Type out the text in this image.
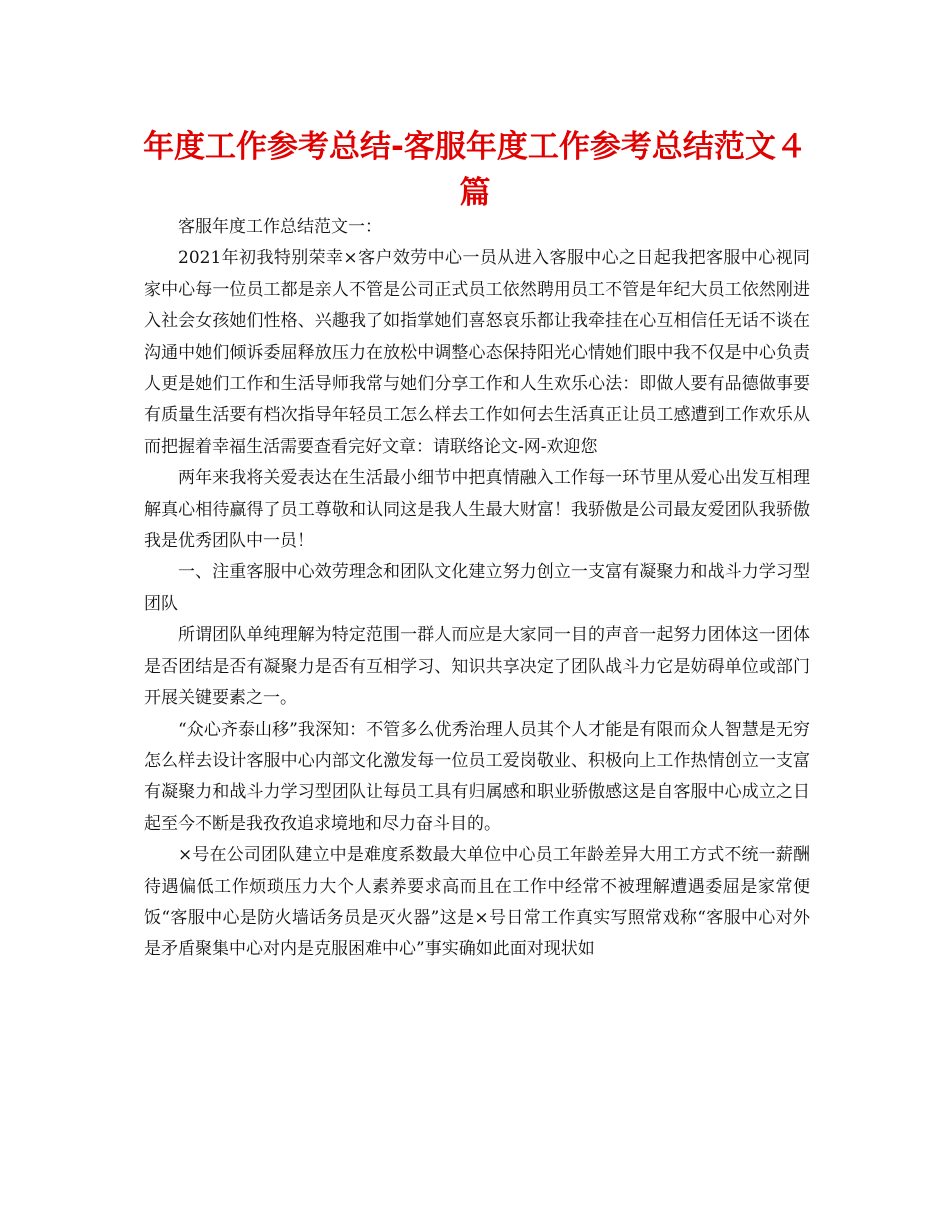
年度工作参考总结-客服年度工作参考总结范文４篇

客服年度工作总结范文一：

2021年初我特别荣幸×客户效劳中心一员从进入客服中心之日起我把客服中心视同家中心每一位员工都是亲人不管是公司正式员工依然聘用员工不管是年纪大员工依然刚进入社会女孩她们性格、兴趣我了如指掌她们喜怒哀乐都让我牵挂在心互相信任无话不谈在沟通中她们倾诉委屈释放压力在放松中调整心态保持阳光心情她们眼中我不仅是中心负责人更是她们工作和生活导师我常与她们分享工作和人生欢乐心法：即做人要有品德做事要有质量生活要有档次指导年轻员工怎么样去工作如何去生活真正让员工感遭到工作欢乐从而把握着幸福生活需要查看完好文章：请联络论文-网-欢迎您

两年来我将关爱表达在生活最小细节中把真情融入工作每一环节里从爱心出发互相理解真心相待赢得了员工尊敬和认同这是我人生最大财富！我骄傲是公司最友爱团队我骄傲我是优秀团队中一员！

一、注重客服中心效劳理念和团队文化建立努力创立一支富有凝聚力和战斗力学习型团队

所谓团队单纯理解为特定范围一群人而应是大家同一目的声音一起努力团体这一团体是否团结是否有凝聚力是否有互相学习、知识共享决定了团队战斗力它是妨碍单位或部门开展关键要素之一。

“众心齐泰山移”我深知：不管多么优秀治理人员其个人才能是有限而众人智慧是无穷怎么样去设计客服中心内部文化激发每一位员工爱岗敬业、积极向上工作热情创立一支富有凝聚力和战斗力学习型团队让每员工具有归属感和职业骄傲感这是自客服中心成立之日起至今不断是我孜孜追求境地和尽力奋斗目的。

×号在公司团队建立中是难度系数最大单位中心员工年龄差异大用工方式不统一薪酬待遇偏低工作烦琐压力大个人素养要求高而且在工作中经常不被理解遭遇委屈是家常便饭“客服中心是防火墙话务员是灭火器”这是×号日常工作真实写照常戏称“客服中心对外是矛盾聚集中心对内是克服困难中心”事实确如此面对现状如
